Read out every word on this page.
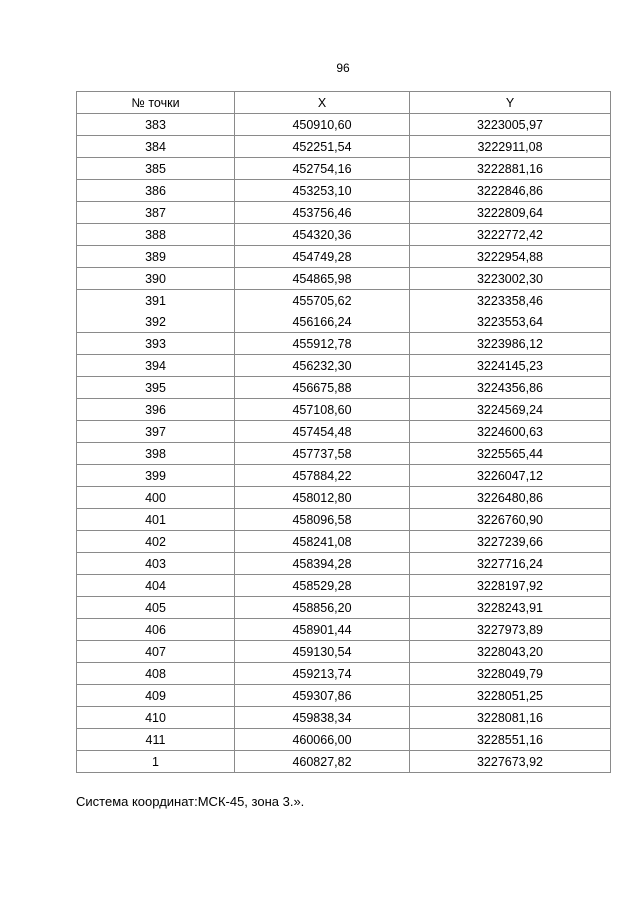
96
№ точки	X	Y
383	450910,60	3223005,97
384	452251,54	3222911,08
385	452754,16	3222881,16
386	453253,10	3222846,86
387	453756,46	3222809,64
388	454320,36	3222772,42
389	454749,28	3222954,88
390	454865,98	3223002,30
391	455705,62	3223358,46
392	456166,24	3223553,64
393	455912,78	3223986,12
394	456232,30	3224145,23
395	456675,88	3224356,86
396	457108,60	3224569,24
397	457454,48	3224600,63
398	457737,58	3225565,44
399	457884,22	3226047,12
400	458012,80	3226480,86
401	458096,58	3226760,90
402	458241,08	3227239,66
403	458394,28	3227716,24
404	458529,28	3228197,92
405	458856,20	3228243,91
406	458901,44	3227973,89
407	459130,54	3228043,20
408	459213,74	3228049,79
409	459307,86	3228051,25
410	459838,34	3228081,16
411	460066,00	3228551,16
1	460827,82	3227673,92
Система координат:МСК-45, зона 3.».
